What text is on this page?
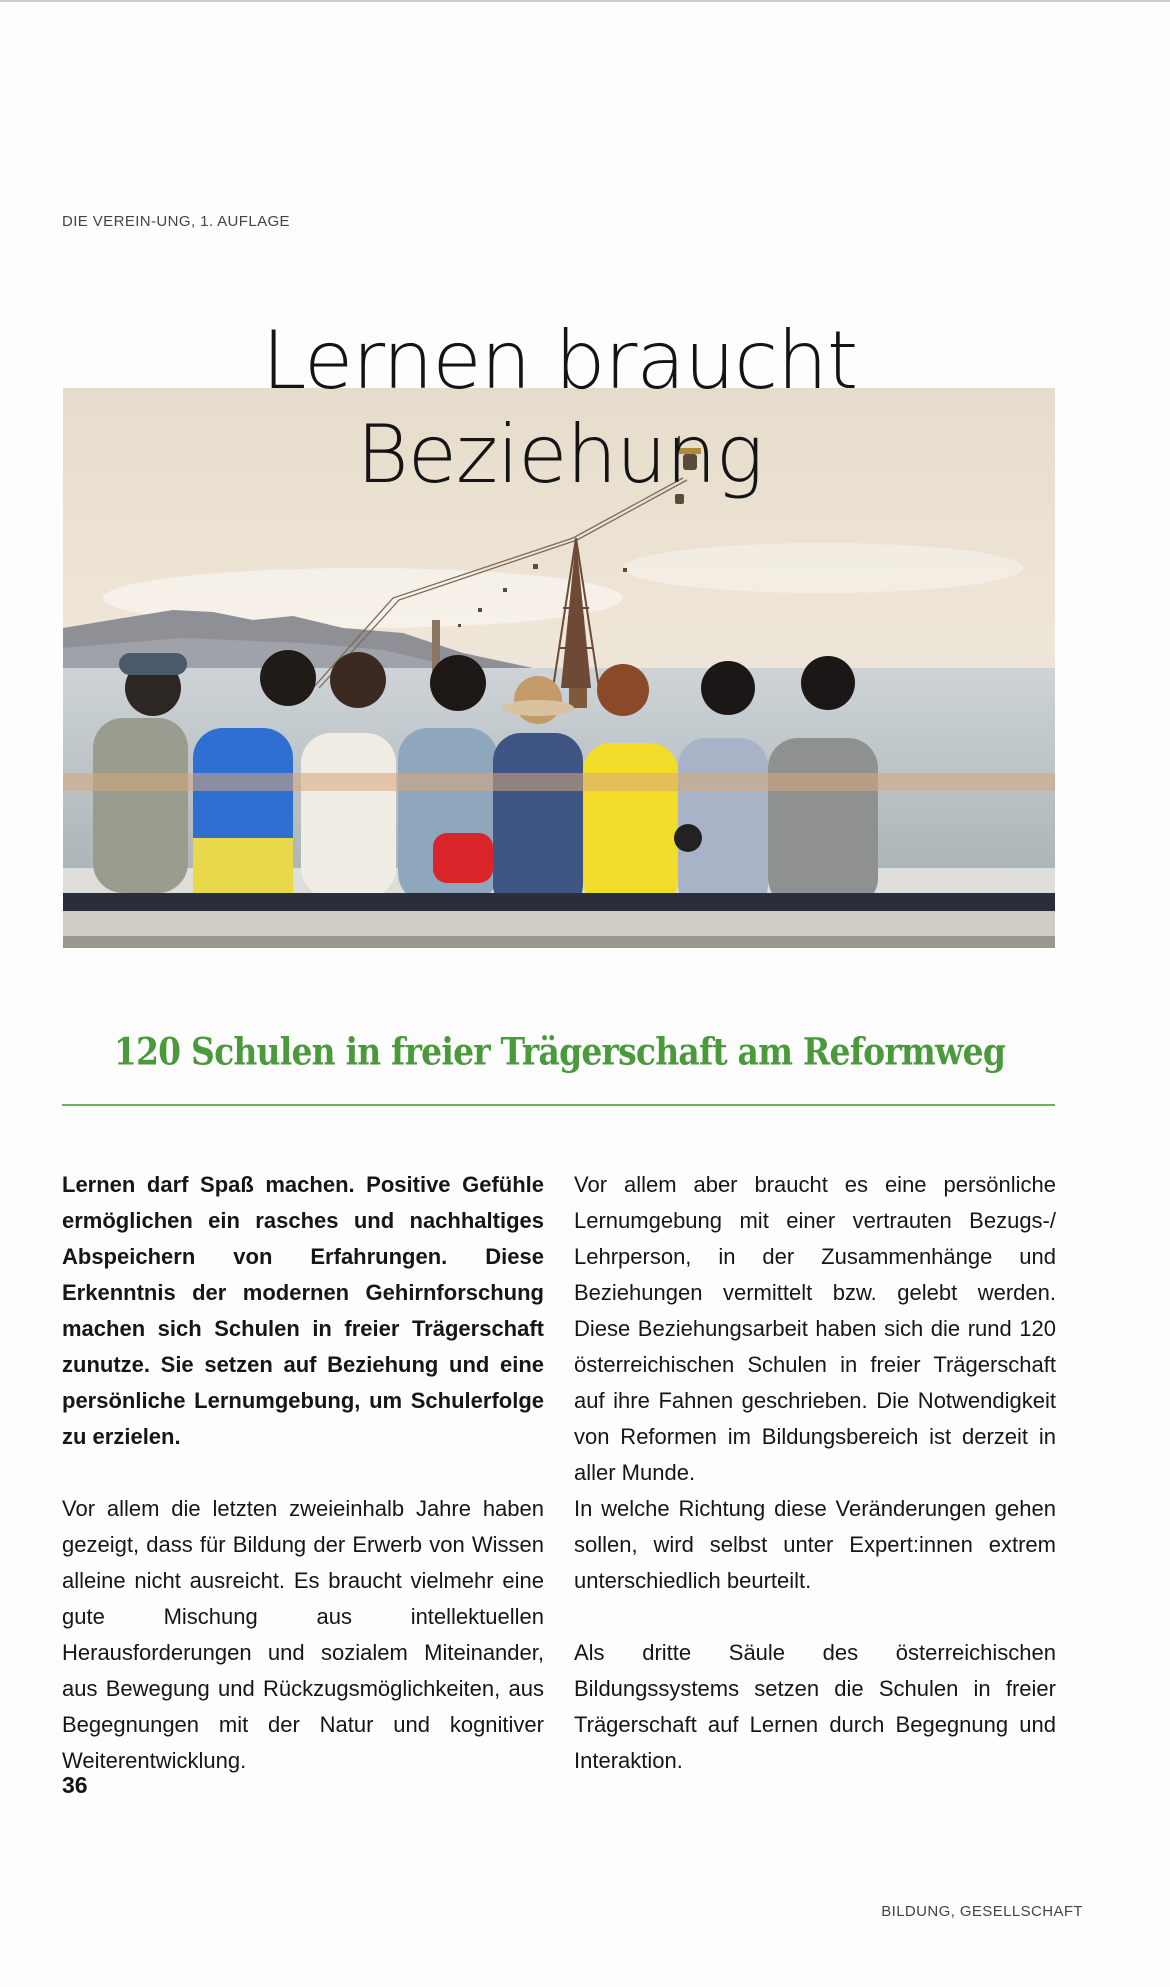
DIE VEREIN-UNG, 1. AUFLAGE
Lernen braucht
Beziehung
120 Schulen in freier Trägerschaft am Reformweg

Lernen darf Spaß machen. Positive Gefühle ermöglichen ein rasches und nachhaltiges Abspeichern von Erfahrungen. Diese Erkenntnis der modernen Gehirnforschung machen sich Schulen in freier Trägerschaft zunutze. Sie setzen auf Beziehung und eine persönliche Lernumgebung, um Schulerfolge zu erzielen.

Vor allem die letzten zweieinhalb Jahre haben gezeigt, dass für Bildung der Erwerb von Wissen alleine nicht ausreicht. Es braucht vielmehr eine gute Mischung aus intellektuellen Herausforderungen und sozialem Miteinander, aus Bewegung und Rückzugsmöglichkeiten, aus Begegnungen mit der Natur und kognitiver Weiterentwicklung.

Vor allem aber braucht es eine persönliche Lernumgebung mit einer vertrauten Bezugs-/ Lehrperson, in der Zusammenhänge und Beziehungen vermittelt bzw. gelebt werden. Diese Beziehungsarbeit haben sich die rund 120 österreichischen Schulen in freier Trägerschaft auf ihre Fahnen geschrieben. Die Notwendigkeit von Reformen im Bildungsbereich ist derzeit in aller Munde.

In welche Richtung diese Veränderungen gehen sollen, wird selbst unter Expert:innen extrem unterschiedlich beurteilt.

Als dritte Säule des österreichischen Bildungssystems setzen die Schulen in freier Trägerschaft auf Lernen durch Begegnung und Interaktion.

36
BILDUNG, GESELLSCHAFT
